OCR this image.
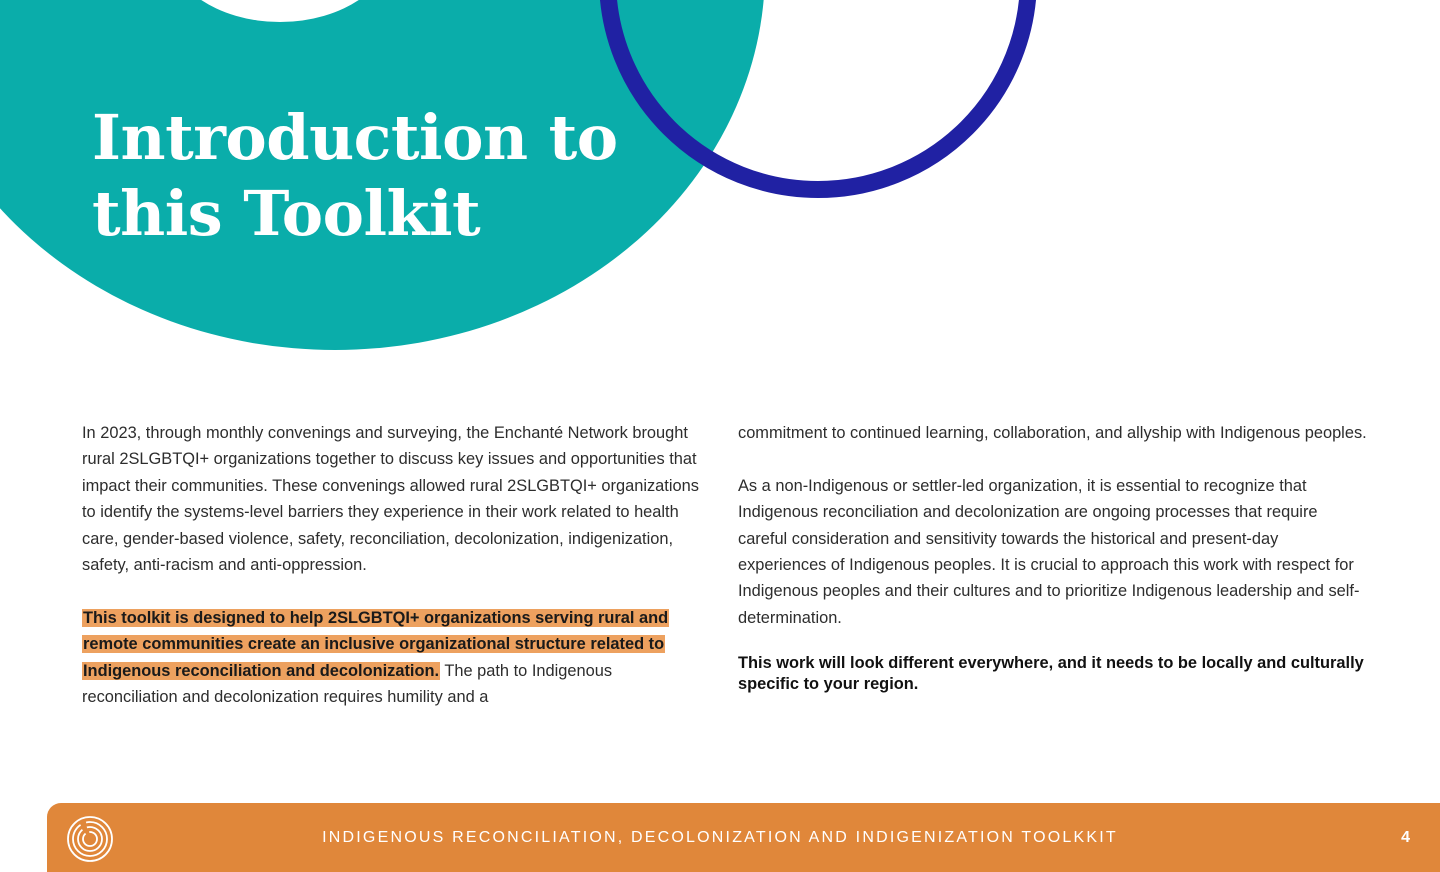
Introduction to
this Toolkit

In 2023, through monthly convenings and surveying, the Enchanté Network brought rural 2SLGBTQI+ organizations together to discuss key issues and opportunities that impact their communities. These convenings allowed rural 2SLGBTQI+ organizations to identify the systems-level barriers they experience in their work related to health care, gender-based violence, safety, reconciliation, decolonization, indigenization, safety, anti-racism and anti-oppression.

This toolkit is designed to help 2SLGBTQI+ organizations serving rural and remote communities create an inclusive organizational structure related to Indigenous reconciliation and decolonization. The path to Indigenous reconciliation and decolonization requires humility and a

commitment to continued learning, collaboration, and allyship with Indigenous peoples.

As a non-Indigenous or settler-led organization, it is essential to recognize that Indigenous reconciliation and decolonization are ongoing processes that require careful consideration and sensitivity towards the historical and present-day experiences of Indigenous peoples. It is crucial to approach this work with respect for Indigenous peoples and their cultures and to prioritize Indigenous leadership and self-determination.

This work will look different everywhere, and it needs to be locally and culturally specific to your region.

INDIGENOUS RECONCILIATION, DECOLONIZATION AND INDIGENIZATION TOOLKKIT	4
